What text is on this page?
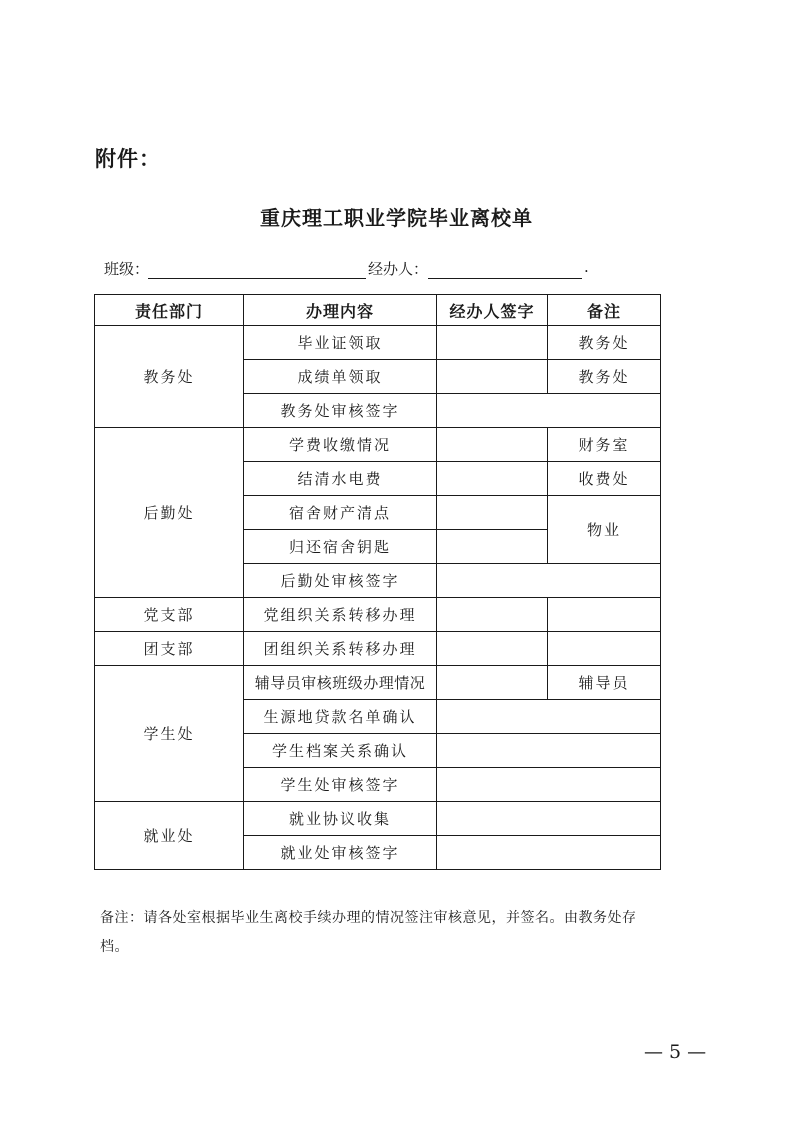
附件：
重庆理工职业学院毕业离校单
班级：	经办人：	.
责任部门	办理内容	经办人签字	备注
教务处	毕业证领取		教务处
	成绩单领取		教务处
	教务处审核签字		
后勤处	学费收缴情况		财务室
	结清水电费		收费处
	宿舍财产清点		物业
	归还宿舍钥匙		
	后勤处审核签字		
党支部	党组织关系转移办理		
团支部	团组织关系转移办理		
学生处	辅导员审核班级办理情况		辅导员
	生源地贷款名单确认		
	学生档案关系确认		
	学生处审核签字		
就业处	就业协议收集		
	就业处审核签字		
备注：请各处室根据毕业生离校手续办理的情况签注审核意见，并签名。由教务处存档。
— 5 —
